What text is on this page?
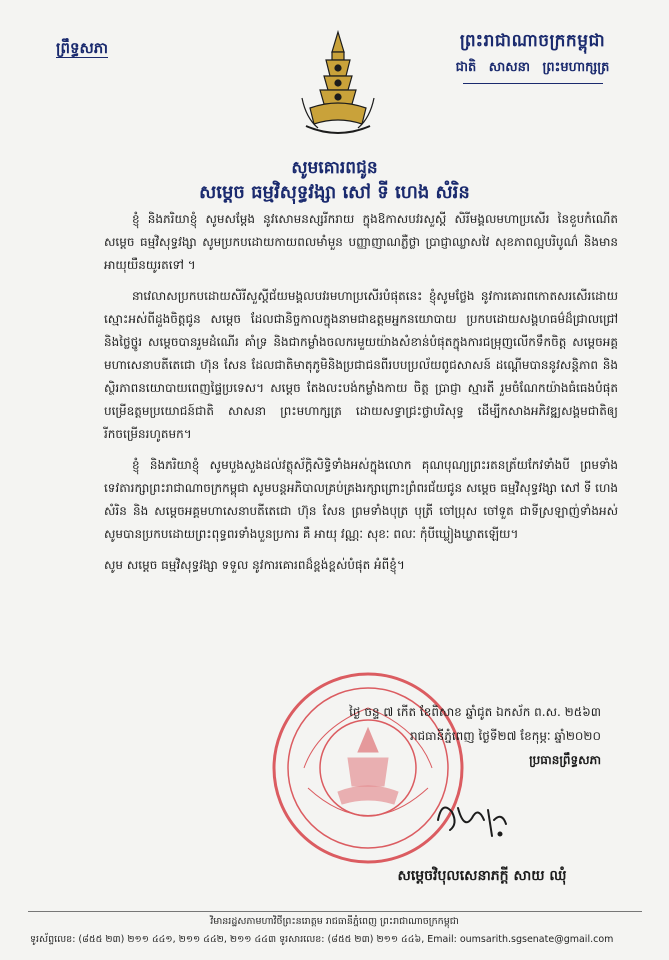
ព្រឹទ្ធសភា	ព្រះរាជាណាចក្រកម្ពុជា
ជាតិ សាសនា ព្រះមហាក្សត្រ
សូមគោរពជូន
សម្ដេច ធម្មវិសុទ្ធវង្សា សៅ ទី ហេង សំរិន

ខ្ញុំ និងភរិយាខ្ញុំ សូមសម្ដែង នូវសោមនស្សរីករាយ ក្នុងឱកាសបវរសួស្ដី សិរីមង្គលមហាប្រសើរ នៃខួបកំណើត សម្ដេច ធម្មវិសុទ្ធវង្សា សូមប្រកបដោយកាយពលមាំមួន បញ្ញាញាណភ្លឺថ្លា ប្រាជ្ញាឈ្លាសវៃ សុខភាពល្អបរិបូណ៌ និងមានអាយុយឺនយូរតទៅ ។

នាវេលាសប្រកបដោយសិរីសួស្ដីជ័យមង្គលបវរមហាប្រសើរបំផុតនេះ ខ្ញុំសូមថ្លែង នូវការគោរពកោតសរសើរដោយស្មោះអស់ពីដួងចិត្តជូន សម្ដេច ដែលជានិច្ចកាលក្នុងនាមជាឧត្តមអ្នកនយោបាយ ប្រកបដោយសង្គហធម៌ដ៏ជ្រាលជ្រៅ និងថ្លៃថ្នូរ សម្ដេចបានរួមដំណើរ គាំទ្រ និងជាកម្លាំងចលករមួយយ៉ាងសំខាន់បំផុតក្នុងការជម្រុញលើកទឹកចិត្ត សម្ដេចអគ្គមហាសេនាបតីតេជោ ហ៊ុន សែន ដែលជាតិមាតុភូមិនិងប្រជាជនពីរបបប្រល័យពូជសាសន៍ ដណ្ដើមបាននូវសន្តិភាព និងស្ថិរភាពនយោបាយពេញផ្ទៃប្រទេស។ សម្ដេច តែងលះបង់កម្លាំងកាយ ចិត្ត ប្រាជ្ញា ស្មារតី រួមចំណែកយ៉ាងធំធេងបំផុតបម្រើឧត្តមប្រយោជន៍ជាតិ សាសនា ព្រះមហាក្សត្រ ដោយសទ្ធាជ្រះថ្លាបរិសុទ្ធ ដើម្បីកសាងអភិវឌ្ឍសង្គមជាតិឲ្យរីកចម្រើនរហូតមក។

ខ្ញុំ និងភរិយាខ្ញុំ សូមបួងសួងដល់វត្ថុស័ក្ដិសិទ្ធិទាំងអស់ក្នុងលោក គុណបុណ្យព្រះរតនត្រ័យកែវទាំងបី ព្រមទាំងទេវតារក្សាព្រះរាជាណាចក្រកម្ពុជា សូមបន្តអភិបាលគ្រប់គ្រងរក្សាព្រោះព្រំពរជ័យជូន សម្ដេច ធម្មវិសុទ្ធវង្សា សៅ ទី ហេង សំរិន និង សម្ដេចអគ្គមហាសេនាបតីតេជោ ហ៊ុន សែន ព្រមទាំងបុត្រ បុត្រី ចៅប្រុស ចៅទួត ជាទីស្រឡាញ់ទាំងអស់ សូមបានប្រកបដោយព្រះពុទ្ធពរទាំងបួនប្រការ គឺ អាយុ វណ្ណៈ សុខៈ ពលៈ កុំបីឃ្លៀងឃ្លាតឡើយ។

សូម សម្ដេច ធម្មវិសុទ្ធវង្សា ទទួល នូវការគោរពដ៏ខ្ពង់ខ្ពស់បំផុត អំពីខ្ញុំ។

ថ្ងៃ ចន្ទ ៧ កើត ខែពិសាខ ឆ្នាំជូត ឯកស័ក ព.ស. ២៥៦៣
រាជធានីភ្នំពេញ ថ្ងៃទី២៧ ខែកុម្ភៈ ឆ្នាំ២០២០
ប្រធានព្រឹទ្ធសភា
សម្ដេចវិបុលសេនាភក្ដី សាយ ឈុំ
វិមានរដ្ឋសភាមហាវិថីព្រះនរោត្តម រាជធានីភ្នំពេញ ព្រះរាជាណាចក្រកម្ពុជា
ទូរស័ព្ទលេខ: (៨៥៥ ២៣) ២១១ ៤៤១, ២១១ ៤៤២, ២១១ ៤៤៣ ទូរសារលេខ: (៨៥៥ ២៣) ២១១ ៤៤៦, Email: oumsarith.sgsenate@gmail.com
